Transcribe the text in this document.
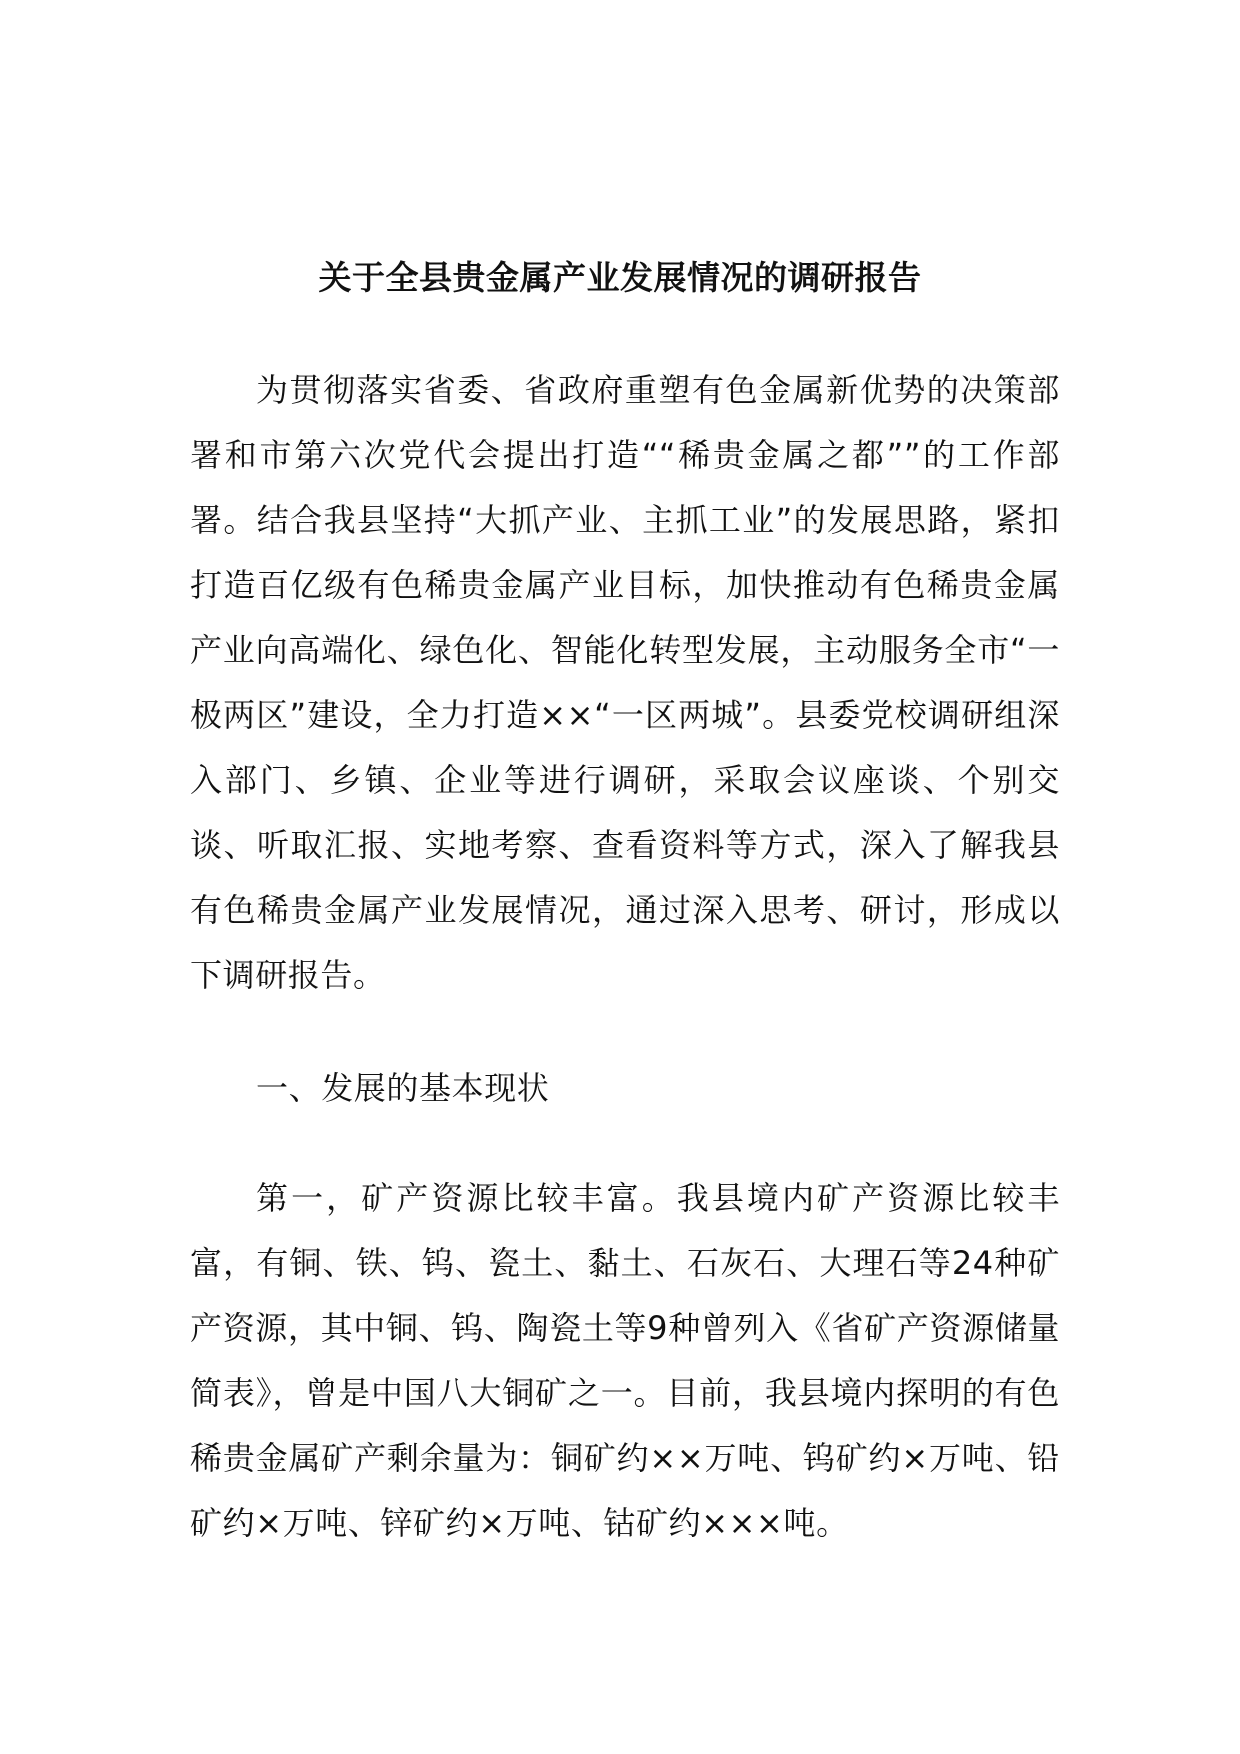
关于全县贵金属产业发展情况的调研报告

为贯彻落实省委、省政府重塑有色金属新优势的决策部署和市第六次党代会提出打造““稀贵金属之都””的工作部署。结合我县坚持“大抓产业、主抓工业”的发展思路，紧扣打造百亿级有色稀贵金属产业目标，加快推动有色稀贵金属产业向高端化、绿色化、智能化转型发展，主动服务全市“一极两区”建设，全力打造××“一区两城”。县委党校调研组深入部门、乡镇、企业等进行调研，采取会议座谈、个别交谈、听取汇报、实地考察、查看资料等方式，深入了解我县有色稀贵金属产业发展情况，通过深入思考、研讨，形成以下调研报告。

一、发展的基本现状

第一，矿产资源比较丰富。我县境内矿产资源比较丰富，有铜、铁、钨、瓷土、黏土、石灰石、大理石等24种矿产资源，其中铜、钨、陶瓷土等9种曾列入《省矿产资源储量简表》，曾是中国八大铜矿之一。目前，我县境内探明的有色稀贵金属矿产剩余量为：铜矿约××万吨、钨矿约×万吨、铅矿约×万吨、锌矿约×万吨、钴矿约×××吨。
